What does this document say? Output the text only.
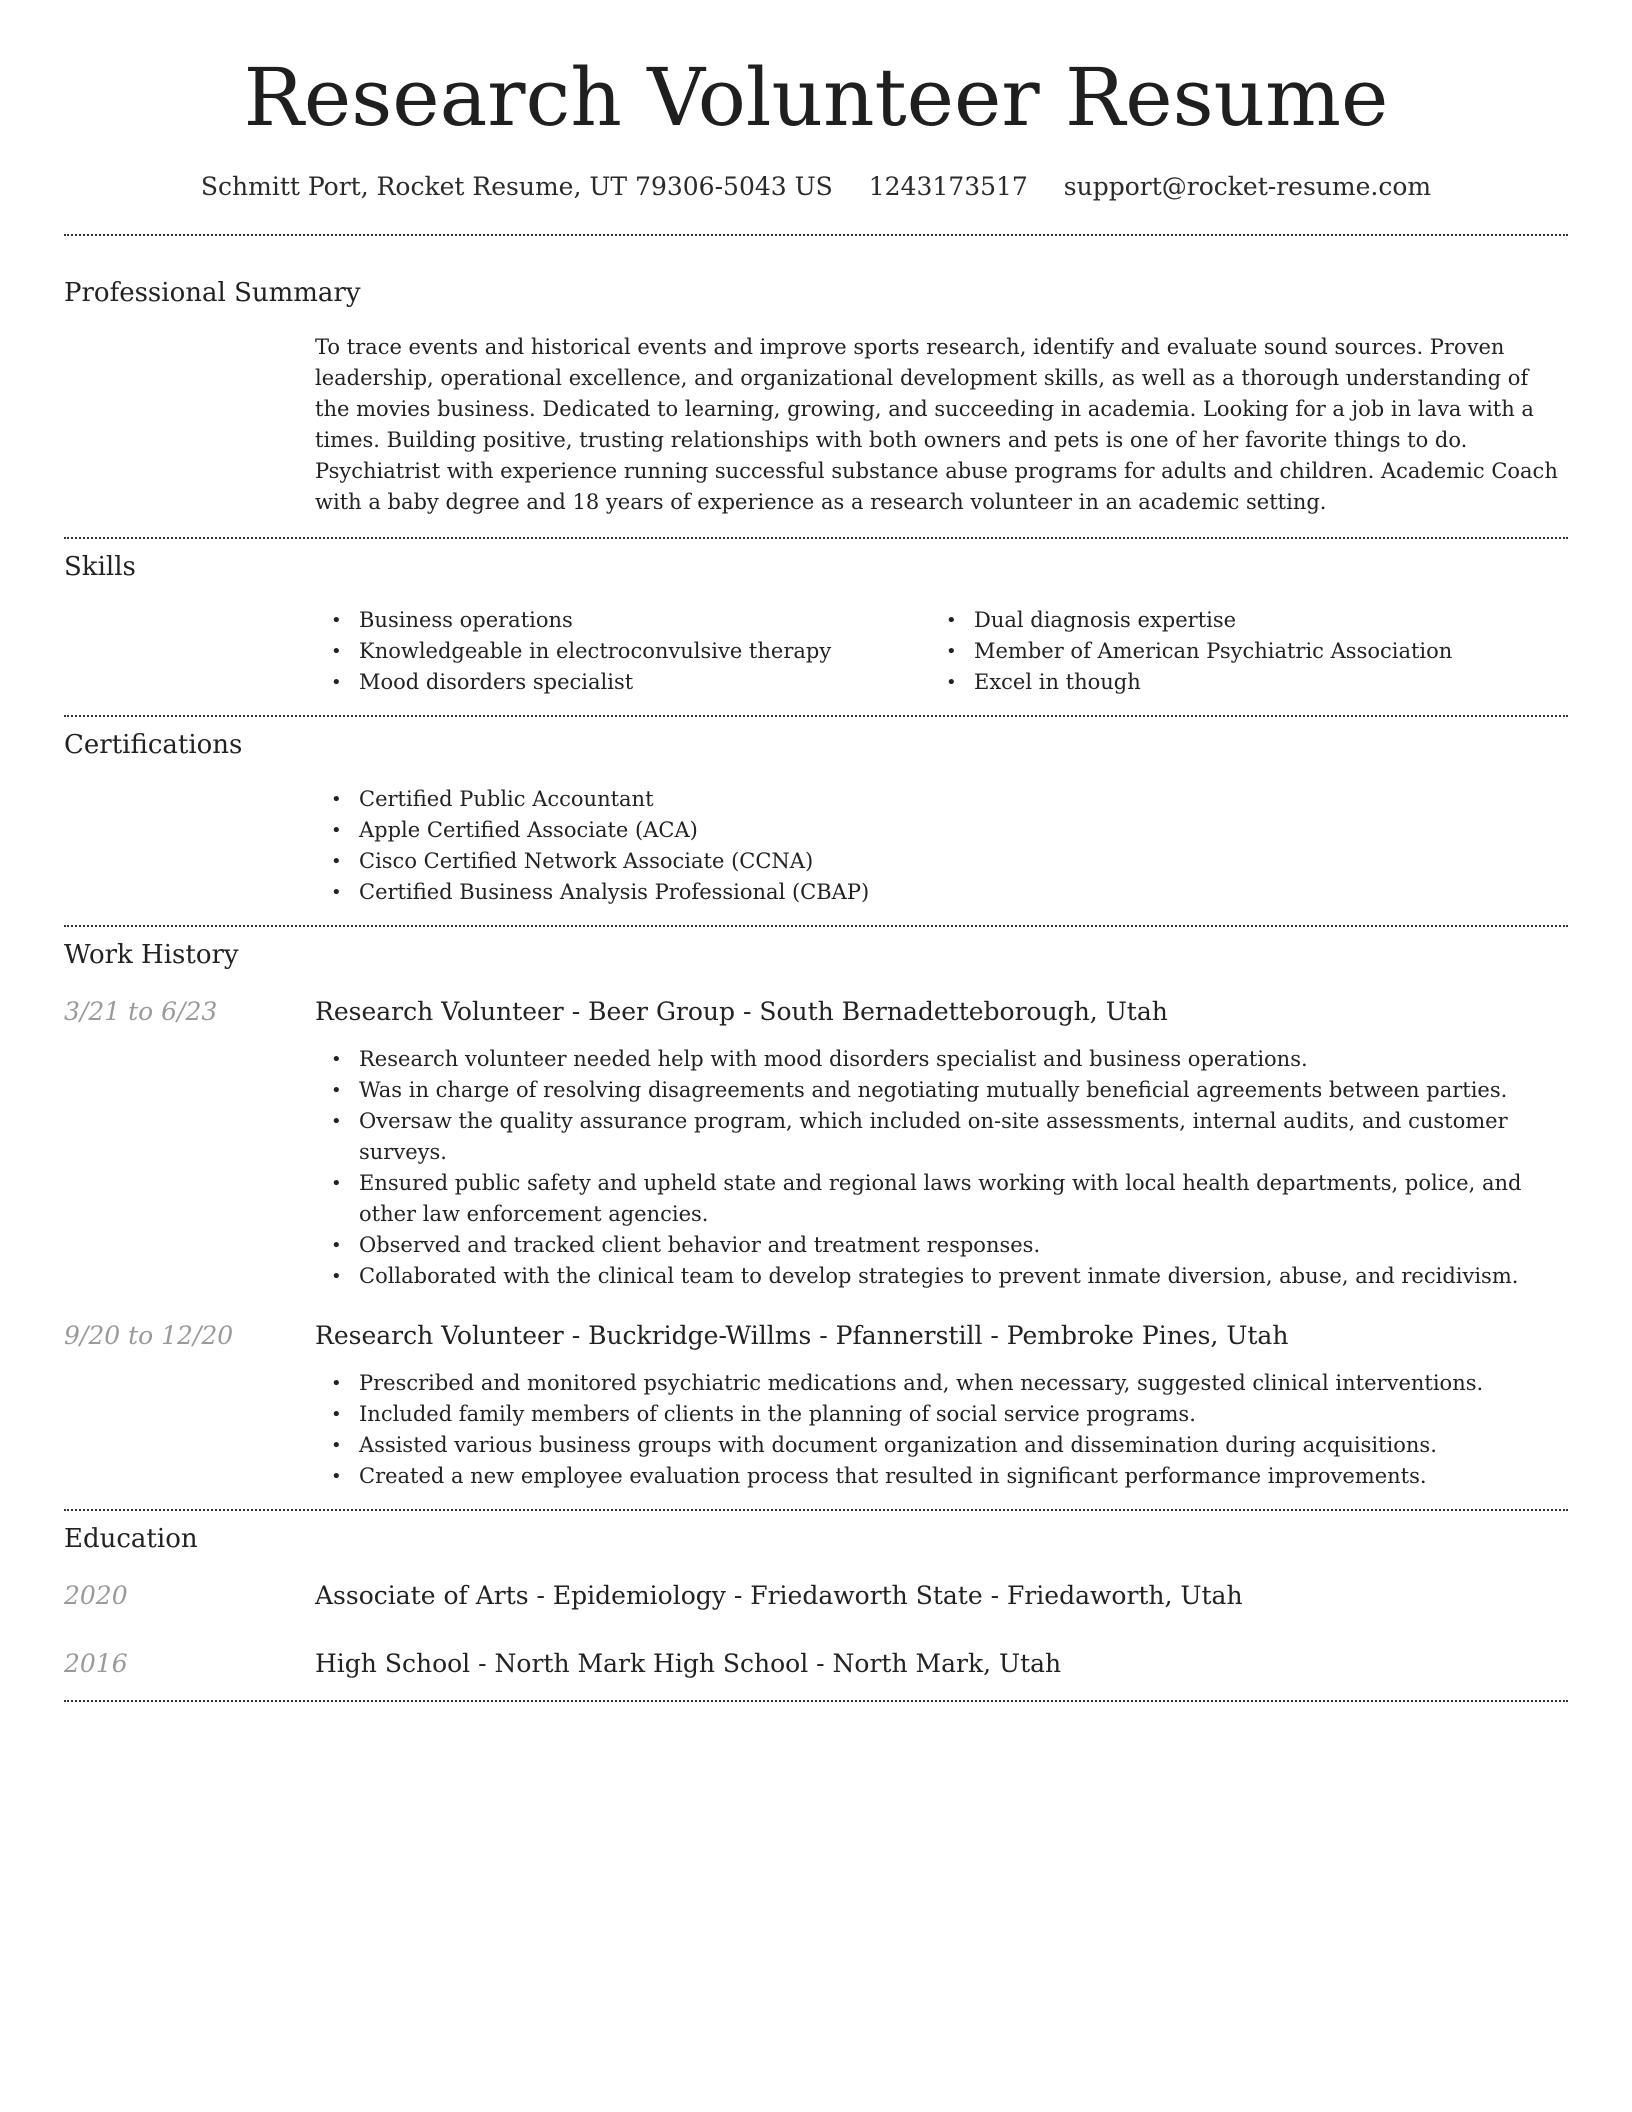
Research Volunteer Resume
Schmitt Port, Rocket Resume, UT 79306-5043 US 1243173517 support@rocket-resume.com
Professional Summary

To trace events and historical events and improve sports research, identify and evaluate sound sources. Proven leadership, operational excellence, and organizational development skills, as well as a thorough understanding of the movies business. Dedicated to learning, growing, and succeeding in academia. Looking for a job in lava with a times. Building positive, trusting relationships with both owners and pets is one of her favorite things to do. Psychiatrist with experience running successful substance abuse programs for adults and children. Academic Coach with a baby degree and 18 years of experience as a research volunteer in an academic setting.

Skills
• Business operations
• Knowledgeable in electroconvulsive therapy
• Mood disorders specialist
• Dual diagnosis expertise
• Member of American Psychiatric Association
• Excel in though
Certifications
• Certified Public Accountant
• Apple Certified Associate (ACA)
• Cisco Certified Network Associate (CCNA)
• Certified Business Analysis Professional (CBAP)
Work History
3/21 to 6/23	Research Volunteer - Beer Group - South Bernadetteborough, Utah
• Research volunteer needed help with mood disorders specialist and business operations.
• Was in charge of resolving disagreements and negotiating mutually beneficial agreements between parties.
• Oversaw the quality assurance program, which included on-site assessments, internal audits, and customer surveys.
• Ensured public safety and upheld state and regional laws working with local health departments, police, and other law enforcement agencies.
• Observed and tracked client behavior and treatment responses.
• Collaborated with the clinical team to develop strategies to prevent inmate diversion, abuse, and recidivism.
9/20 to 12/20	Research Volunteer - Buckridge-Willms - Pfannerstill - Pembroke Pines, Utah
• Prescribed and monitored psychiatric medications and, when necessary, suggested clinical interventions.
• Included family members of clients in the planning of social service programs.
• Assisted various business groups with document organization and dissemination during acquisitions.
• Created a new employee evaluation process that resulted in significant performance improvements.
Education
2020	Associate of Arts - Epidemiology - Friedaworth State - Friedaworth, Utah
2016	High School - North Mark High School - North Mark, Utah
